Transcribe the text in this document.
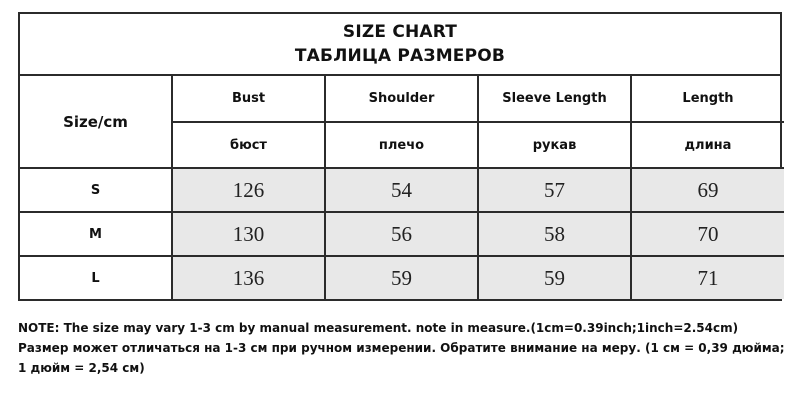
SIZE CHART
ТАБЛИЦА РАЗМЕРОВ
Size/cm	Bust	Shoulder	Sleeve Length	Length
	бюст	плечо	рукав	длина
S	126	54	57	69
M	130	56	58	70
L	136	59	59	71

NOTE: The size may vary 1-3 cm by manual measurement. note in measure.(1cm=0.39inch;1inch=2.54cm)

Размер может отличаться на 1-3 см при ручном измерении. Обратите внимание на меру. (1 см = 0,39 дюйма; 1 дюйм = 2,54 см)
